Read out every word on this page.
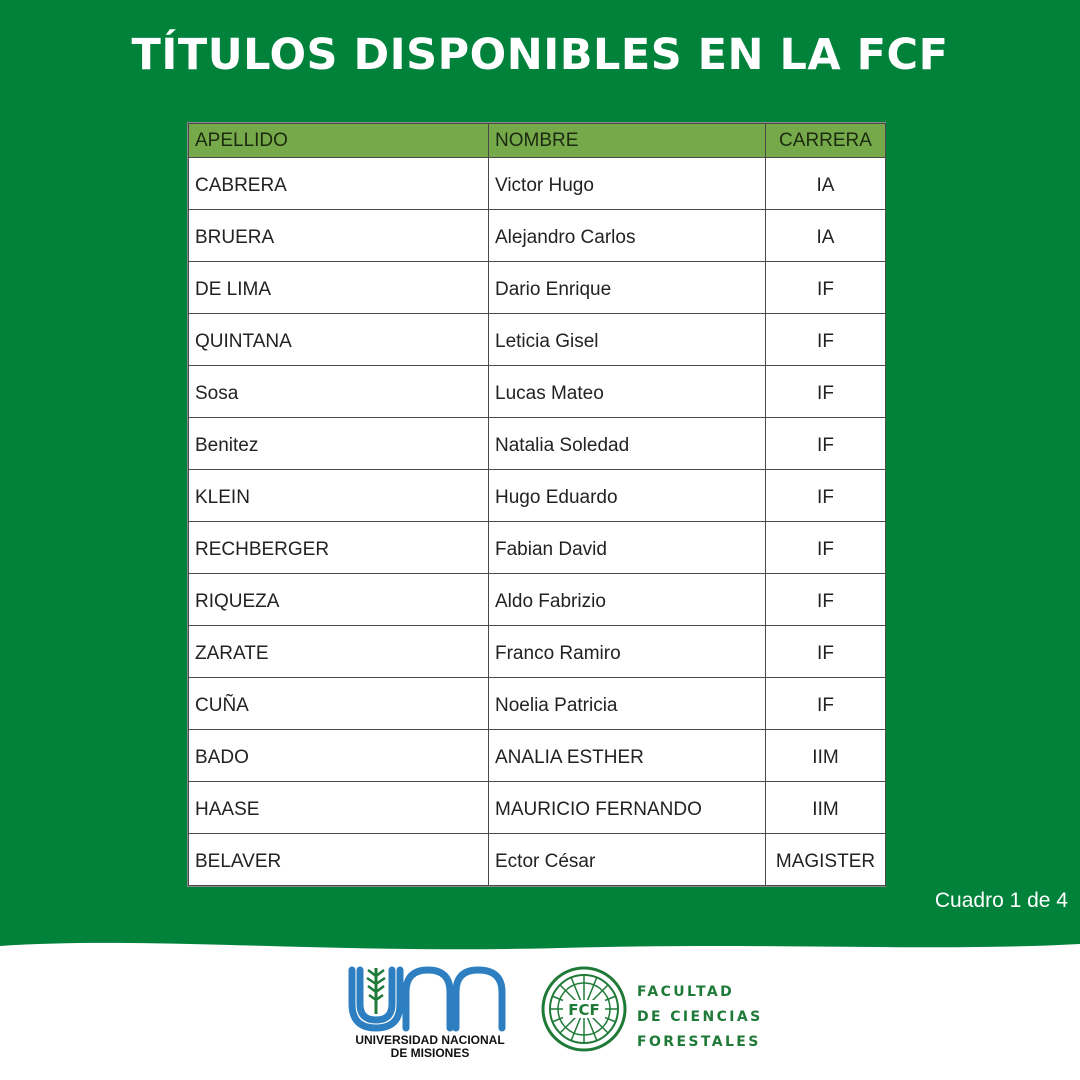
TÍTULOS DISPONIBLES EN LA FCF
APELLIDO	NOMBRE	CARRERA
CABRERA	Victor Hugo	IA
BRUERA	Alejandro Carlos	IA
DE LIMA	Dario Enrique	IF
QUINTANA	Leticia Gisel	IF
Sosa	Lucas Mateo	IF
Benitez	Natalia Soledad	IF
KLEIN	Hugo Eduardo	IF
RECHBERGER	Fabian David	IF
RIQUEZA	Aldo Fabrizio	IF
ZARATE	Franco Ramiro	IF
CUÑA	Noelia Patricia	IF
BADO	ANALIA ESTHER	IIM
HAASE	MAURICIO FERNANDO	IIM
BELAVER	Ector César	MAGISTER
Cuadro 1 de 4
UNIVERSIDAD NACIONAL
DE MISIONES
FCF
FACULTAD
DE CIENCIAS
FORESTALES
